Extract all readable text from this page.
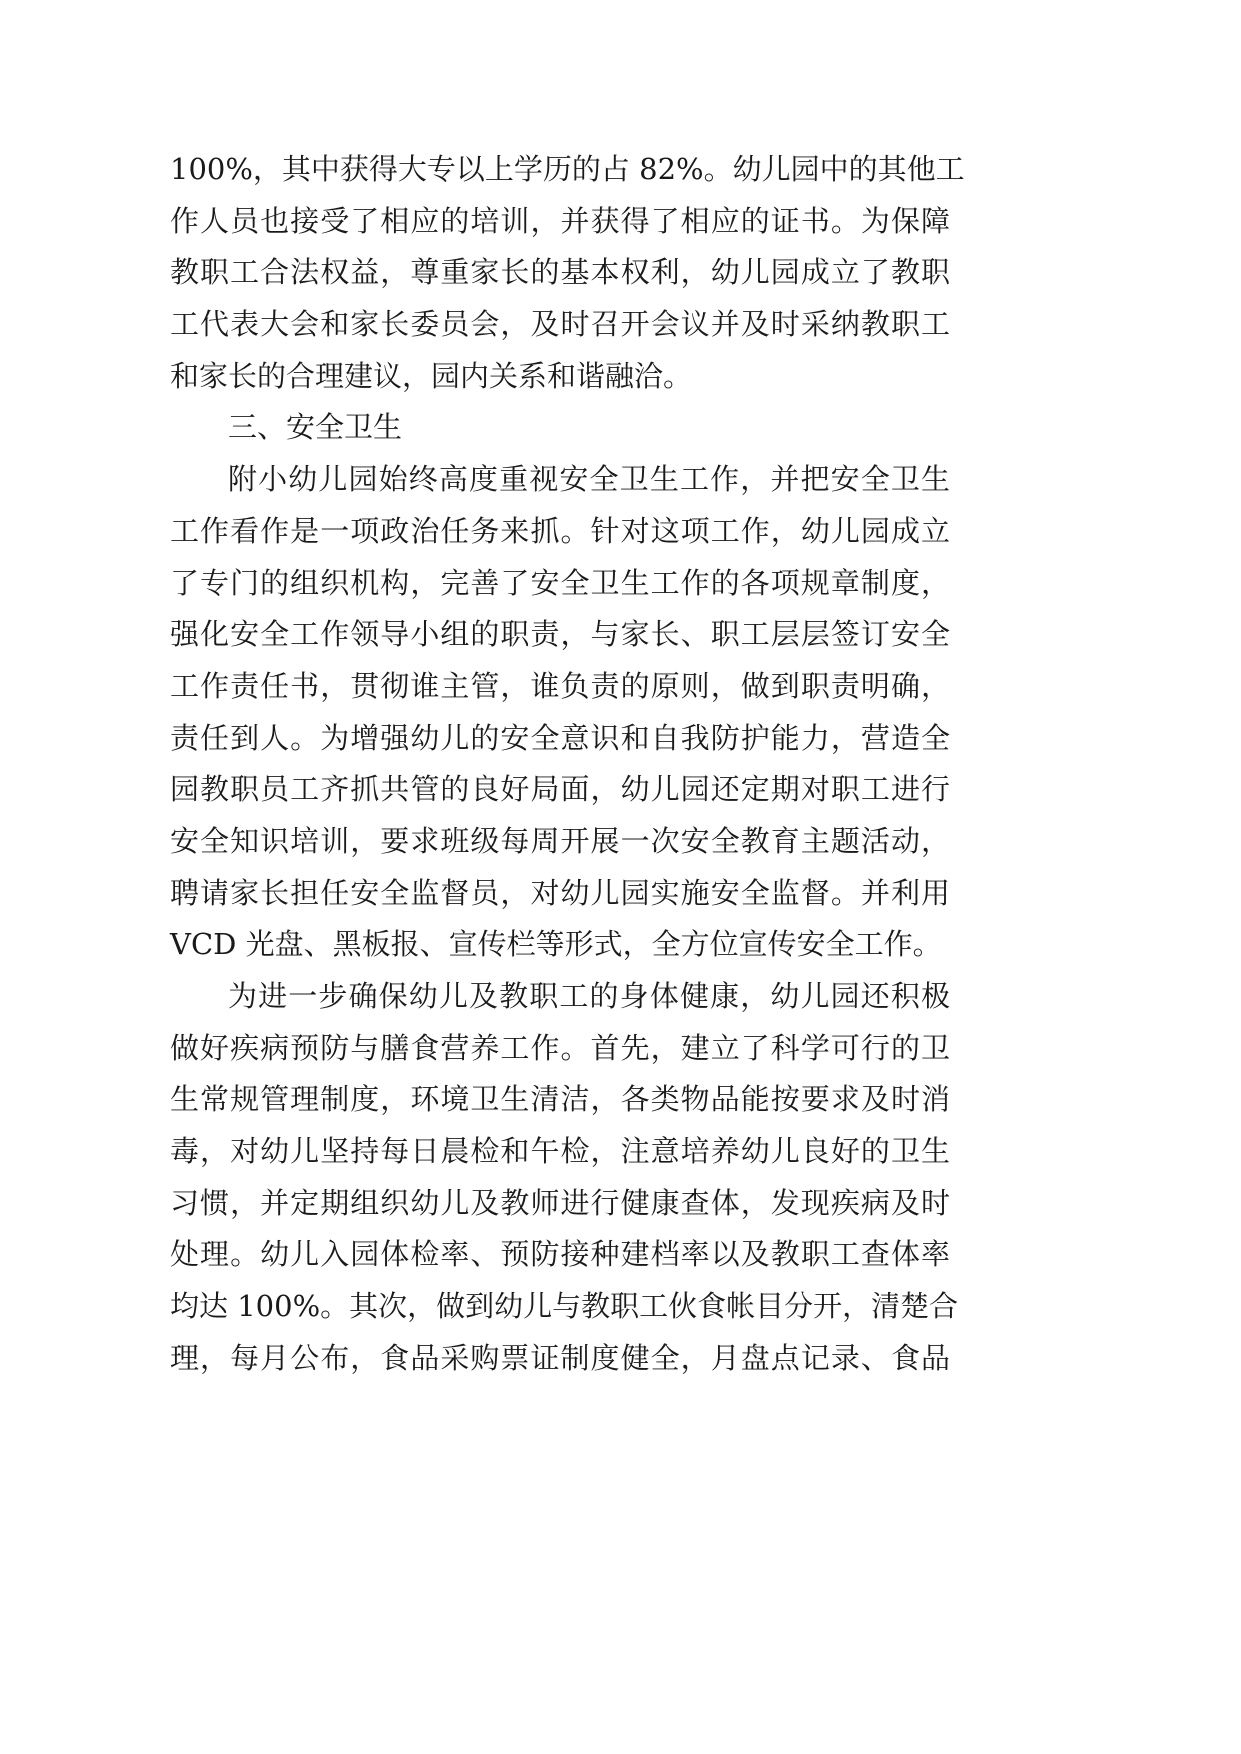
100%，其中获得大专以上学历的占 82%。幼儿园中的其他工
作人员也接受了相应的培训，并获得了相应的证书。为保障
教职工合法权益，尊重家长的基本权利，幼儿园成立了教职
工代表大会和家长委员会，及时召开会议并及时采纳教职工
和家长的合理建议，园内关系和谐融洽。
三、安全卫生
附小幼儿园始终高度重视安全卫生工作，并把安全卫生
工作看作是一项政治任务来抓。针对这项工作，幼儿园成立
了专门的组织机构，完善了安全卫生工作的各项规章制度，
强化安全工作领导小组的职责，与家长、职工层层签订安全
工作责任书，贯彻谁主管，谁负责的原则，做到职责明确，
责任到人。为增强幼儿的安全意识和自我防护能力，营造全
园教职员工齐抓共管的良好局面，幼儿园还定期对职工进行
安全知识培训，要求班级每周开展一次安全教育主题活动，
聘请家长担任安全监督员，对幼儿园实施安全监督。并利用
VCD 光盘、黑板报、宣传栏等形式，全方位宣传安全工作。
为进一步确保幼儿及教职工的身体健康，幼儿园还积极
做好疾病预防与膳食营养工作。首先，建立了科学可行的卫
生常规管理制度，环境卫生清洁，各类物品能按要求及时消
毒，对幼儿坚持每日晨检和午检，注意培养幼儿良好的卫生
习惯，并定期组织幼儿及教师进行健康查体，发现疾病及时
处理。幼儿入园体检率、预防接种建档率以及教职工查体率
均达 100%。其次，做到幼儿与教职工伙食帐目分开，清楚合
理，每月公布，食品采购票证制度健全，月盘点记录、食品
